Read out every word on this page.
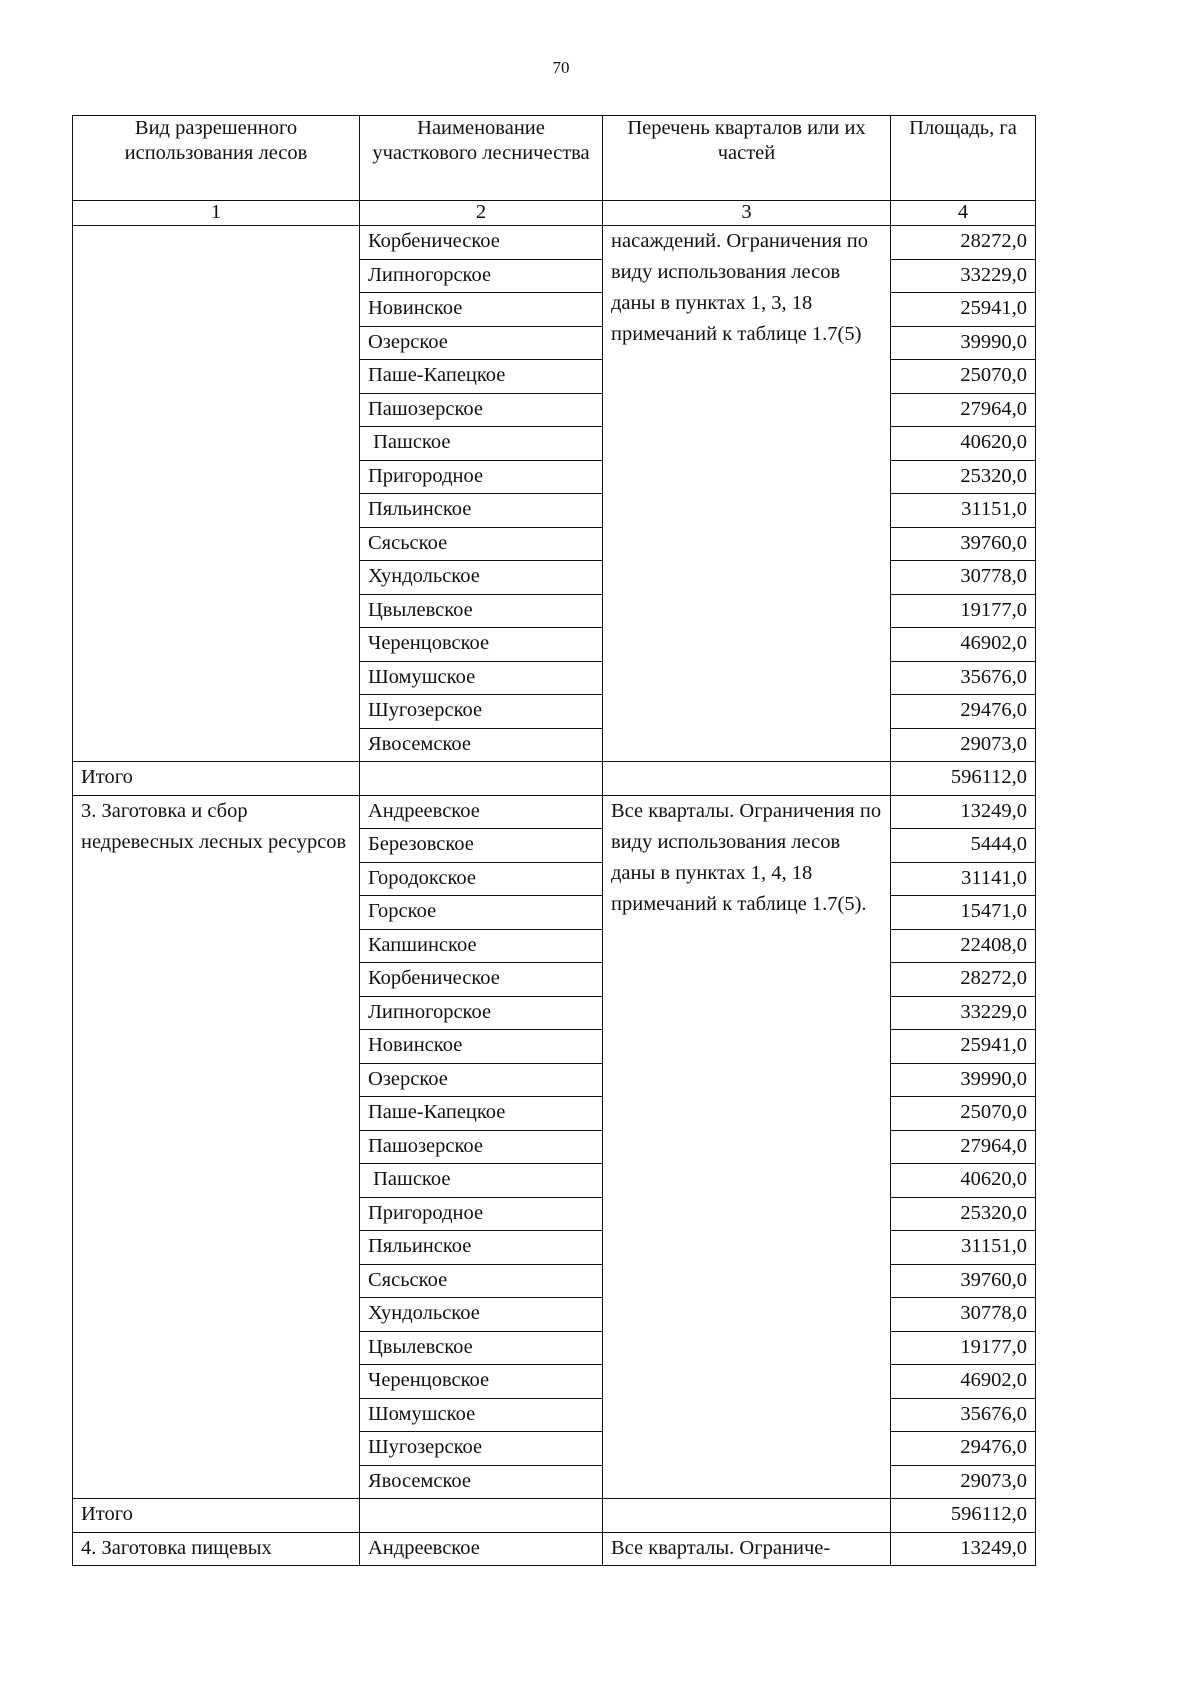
70
Вид разрешенного использования лесов	Наименование участкового лесничества	Перечень кварталов или их частей	Площадь, га
1	2	3	4
	Корбеническое	насаждений. Ограничения по виду использования лесов даны в пунктах 1, 3, 18 примечаний к таблице 1.7(5)	28272,0
	Липногорское		33229,0
	Новинское		25941,0
	Озерское		39990,0
	Паше-Капецкое		25070,0
	Пашозерское		27964,0
	Пашское		40620,0
	Пригородное		25320,0
	Пяльинское		31151,0
	Сясьское		39760,0
	Хундольское		30778,0
	Цвылевское		19177,0
	Черенцовское		46902,0
	Шомушское		35676,0
	Шугозерское		29476,0
	Явосемское		29073,0
Итого			596112,0
3. Заготовка и сбор недревесных лесных ресурсов	Андреевское	Все кварталы. Ограничения по виду использования лесов даны в пунктах 1, 4, 18 примечаний к таблице 1.7(5).	13249,0
	Березовское		5444,0
	Городокское		31141,0
	Горское		15471,0
	Капшинское		22408,0
	Корбеническое		28272,0
	Липногорское		33229,0
	Новинское		25941,0
	Озерское		39990,0
	Паше-Капецкое		25070,0
	Пашозерское		27964,0
	Пашское		40620,0
	Пригородное		25320,0
	Пяльинское		31151,0
	Сясьское		39760,0
	Хундольское		30778,0
	Цвылевское		19177,0
	Черенцовское		46902,0
	Шомушское		35676,0
	Шугозерское		29476,0
	Явосемское		29073,0
Итого			596112,0
4. Заготовка пищевых	Андреевское	Все кварталы. Ограниче-	13249,0
